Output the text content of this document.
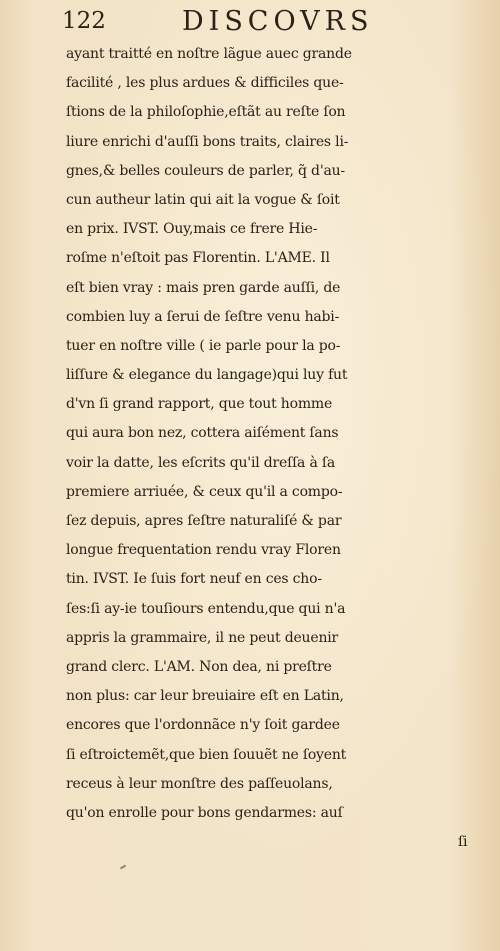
122	DISCOVRS
ayant traitté en noſtre lãgue auec grande
facilité , les plus ardues & difficiles que-
ſtions de la philoſophie,eſtãt au reſte ſon
liure enrichi d'auſſi bons traits, claires li-
gnes,& belles couleurs de parler, q̃ d'au-
cun autheur latin qui ait la vogue & ſoit
en prix. IVST. Ouy,mais ce frere Hie-
roſme n'eſtoit pas Florentin. L'AME. Il
eſt bien vray : mais pren garde auſſi, de
combien luy a ſerui de ſeſtre venu habi-
tuer en noſtre ville ( ie parle pour la po-
liſſure & elegance du langage)qui luy fut
d'vn ſi grand rapport, que tout homme
qui aura bon nez, cottera aiſément ſans
voir la datte, les eſcrits qu'il dreſſa à ſa
premiere arriuée, & ceux qu'il a compo-
ſez depuis, apres ſeſtre naturaliſé & par
longue frequentation rendu vray Floren
tin. IVST. Ie ſuis fort neuf en ces cho-
ſes:ſi ay-ie touſiours entendu,que qui n'a
appris la grammaire, il ne peut deuenir
grand clerc. L'AM. Non dea, ni preſtre
non plus: car leur breuiaire eſt en Latin,
encores que l'ordonnãce n'y ſoit gardee
ſi eſtroictemẽt,que bien ſouuẽt ne ſoyent
receus à leur monſtre des paſſeuolans,
qu'on enrolle pour bons gendarmes: auſ
ſi
